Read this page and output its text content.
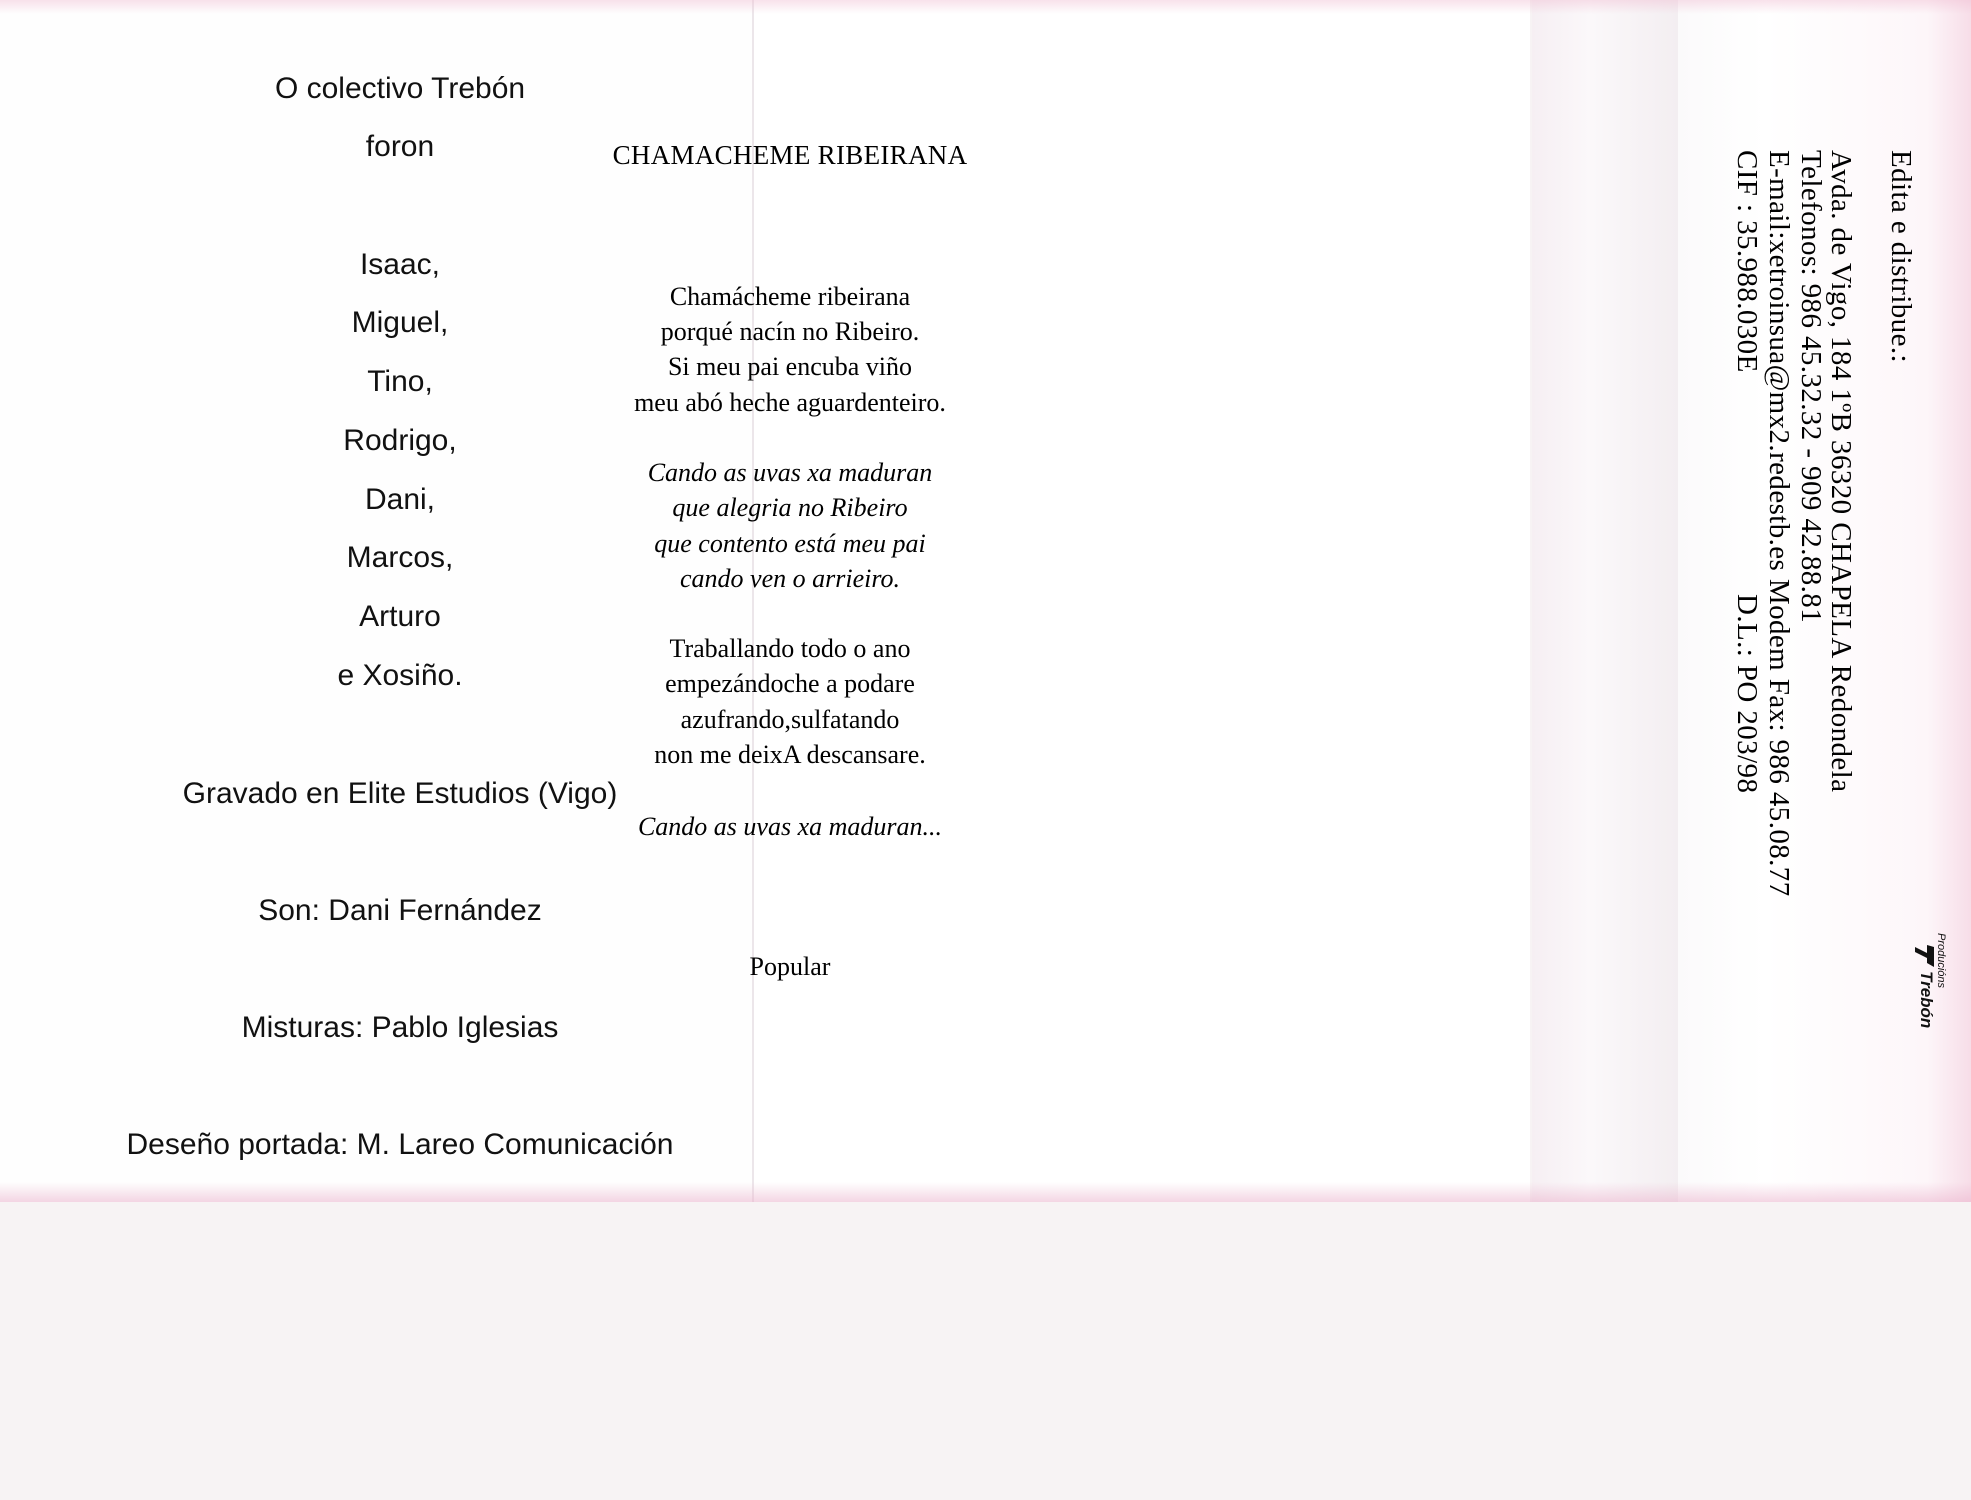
O colectivo Trebón
foron
Isaac,
Miguel,
Tino,
Rodrigo,
Dani,
Marcos,
Arturo
e Xosiño.
Gravado en Elite Estudios (Vigo)
Son: Dani Fernández
Misturas: Pablo Iglesias
Deseño portada: M. Lareo Comunicación
CHAMACHEME RIBEIRANA
Chamácheme ribeirana
porqué nacín no Ribeiro.
Si meu pai encuba viño
meu abó heche aguardenteiro.
Cando as uvas xa maduran
que alegria no Ribeiro
que contento está meu pai
cando ven o arrieiro.
Traballando todo o ano
empezándoche a podare
azufrando,sulfatando
non me deixA descansare.
Cando as uvas xa maduran...
Popular
Edita e distribue.:
Producións
Trebón
Avda. de Vigo, 184 1ºB 36320 CHAPELA Redondela
Telefonos: 986 45.32.32 - 909 42.88.81
E-mail:xetroinsua@mx2.redestb.es Modem Fax: 986 45.08.77
CIF : 35.988.030E
D.L.: PO 203/98
